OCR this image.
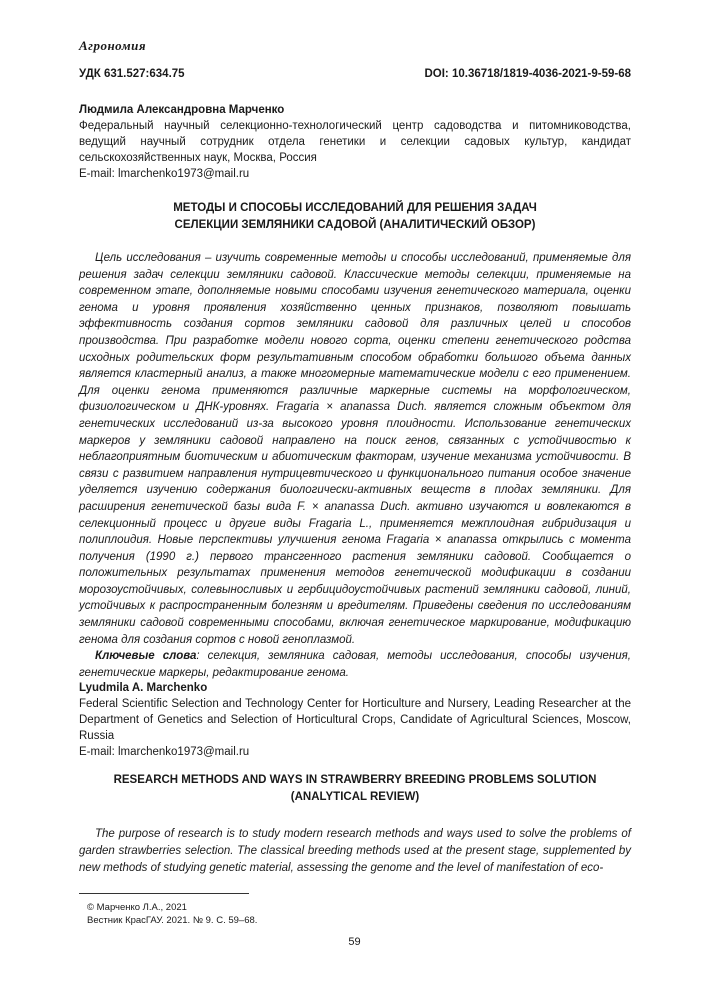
Агрономия
УДК 631.527:634.75	DOI: 10.36718/1819-4036-2021-9-59-68

Людмила Александровна Марченко

Федеральный научный селекционно-технологический центр садоводства и питомниководства, ведущий научный сотрудник отдела генетики и селекции садовых культур, кандидат сельскохозяйственных наук, Москва, Россия

E-mail: lmarchenko1973@mail.ru

МЕТОДЫ И СПОСОБЫ ИССЛЕДОВАНИЙ ДЛЯ РЕШЕНИЯ ЗАДАЧ
СЕЛЕКЦИИ ЗЕМЛЯНИКИ САДОВОЙ (АНАЛИТИЧЕСКИЙ ОБЗОР)

Цель исследования – изучить современные методы и способы исследований, применяемые для решения задач селекции земляники садовой. Классические методы селекции, применяемые на современном этапе, дополняемые новыми способами изучения генетического материала, оценки генома и уровня проявления хозяйственно ценных признаков, позволяют повышать эффективность создания сортов земляники садовой для различных целей и способов производства. При разработке модели нового сорта, оценки степени генетического родства исходных родительских форм результативным способом обработки большого объема данных является кластерный анализ, а также многомерные математические модели с его применением. Для оценки генома применяются различные маркерные системы на морфологическом, физиологическом и ДНК-уровнях. Fragaria × ananassa Duch. является сложным объектом для генетических исследований из-за высокого уровня плоидности. Использование генетических маркеров у земляники садовой направлено на поиск генов, связанных с устойчивостью к неблагоприятным биотическим и абиотическим факторам, изучение механизма устойчивости. В связи с развитием направления нутрицевтического и функционального питания особое значение уделяется изучению содержания биологически-активных веществ в плодах земляники. Для расширения генетической базы вида F. × ananassa Duch. активно изучаются и вовлекаются в селекционный процесс и другие виды Fragaria L., применяется межплоидная гибридизация и полиплоидия. Новые перспективы улучшения генома Fragaria × ananassa открылись с момента получения (1990 г.) первого трансгенного растения земляники садовой. Сообщается о положительных результатах применения методов генетической модификации в создании морозоустойчивых, солевыносливых и гербицидоустойчивых растений земляники садовой, линий, устойчивых к распространенным болезням и вредителям. Приведены сведения по исследованиям земляники садовой современными способами, включая генетическое маркирование, модификацию генома для создания сортов с новой геноплазмой.

Ключевые слова: селекция, земляника садовая, методы исследования, способы изучения, генетические маркеры, редактирование генома.

Lyudmila A. Marchenko

Federal Scientific Selection and Technology Center for Horticulture and Nursery, Leading Researcher at the Department of Genetics and Selection of Horticultural Crops, Candidate of Agricultural Sciences, Moscow, Russia

E-mail: lmarchenko1973@mail.ru

RESEARCH METHODS AND WAYS IN STRAWBERRY BREEDING PROBLEMS SOLUTION
(ANALYTICAL REVIEW)

The purpose of research is to study modern research methods and ways used to solve the problems of garden strawberries selection. The classical breeding methods used at the present stage, supplemented by new methods of studying genetic material, assessing the genome and the level of manifestation of eco-

© Марченко Л.А., 2021
Вестник КрасГАУ. 2021. № 9. С. 59–68.
59
